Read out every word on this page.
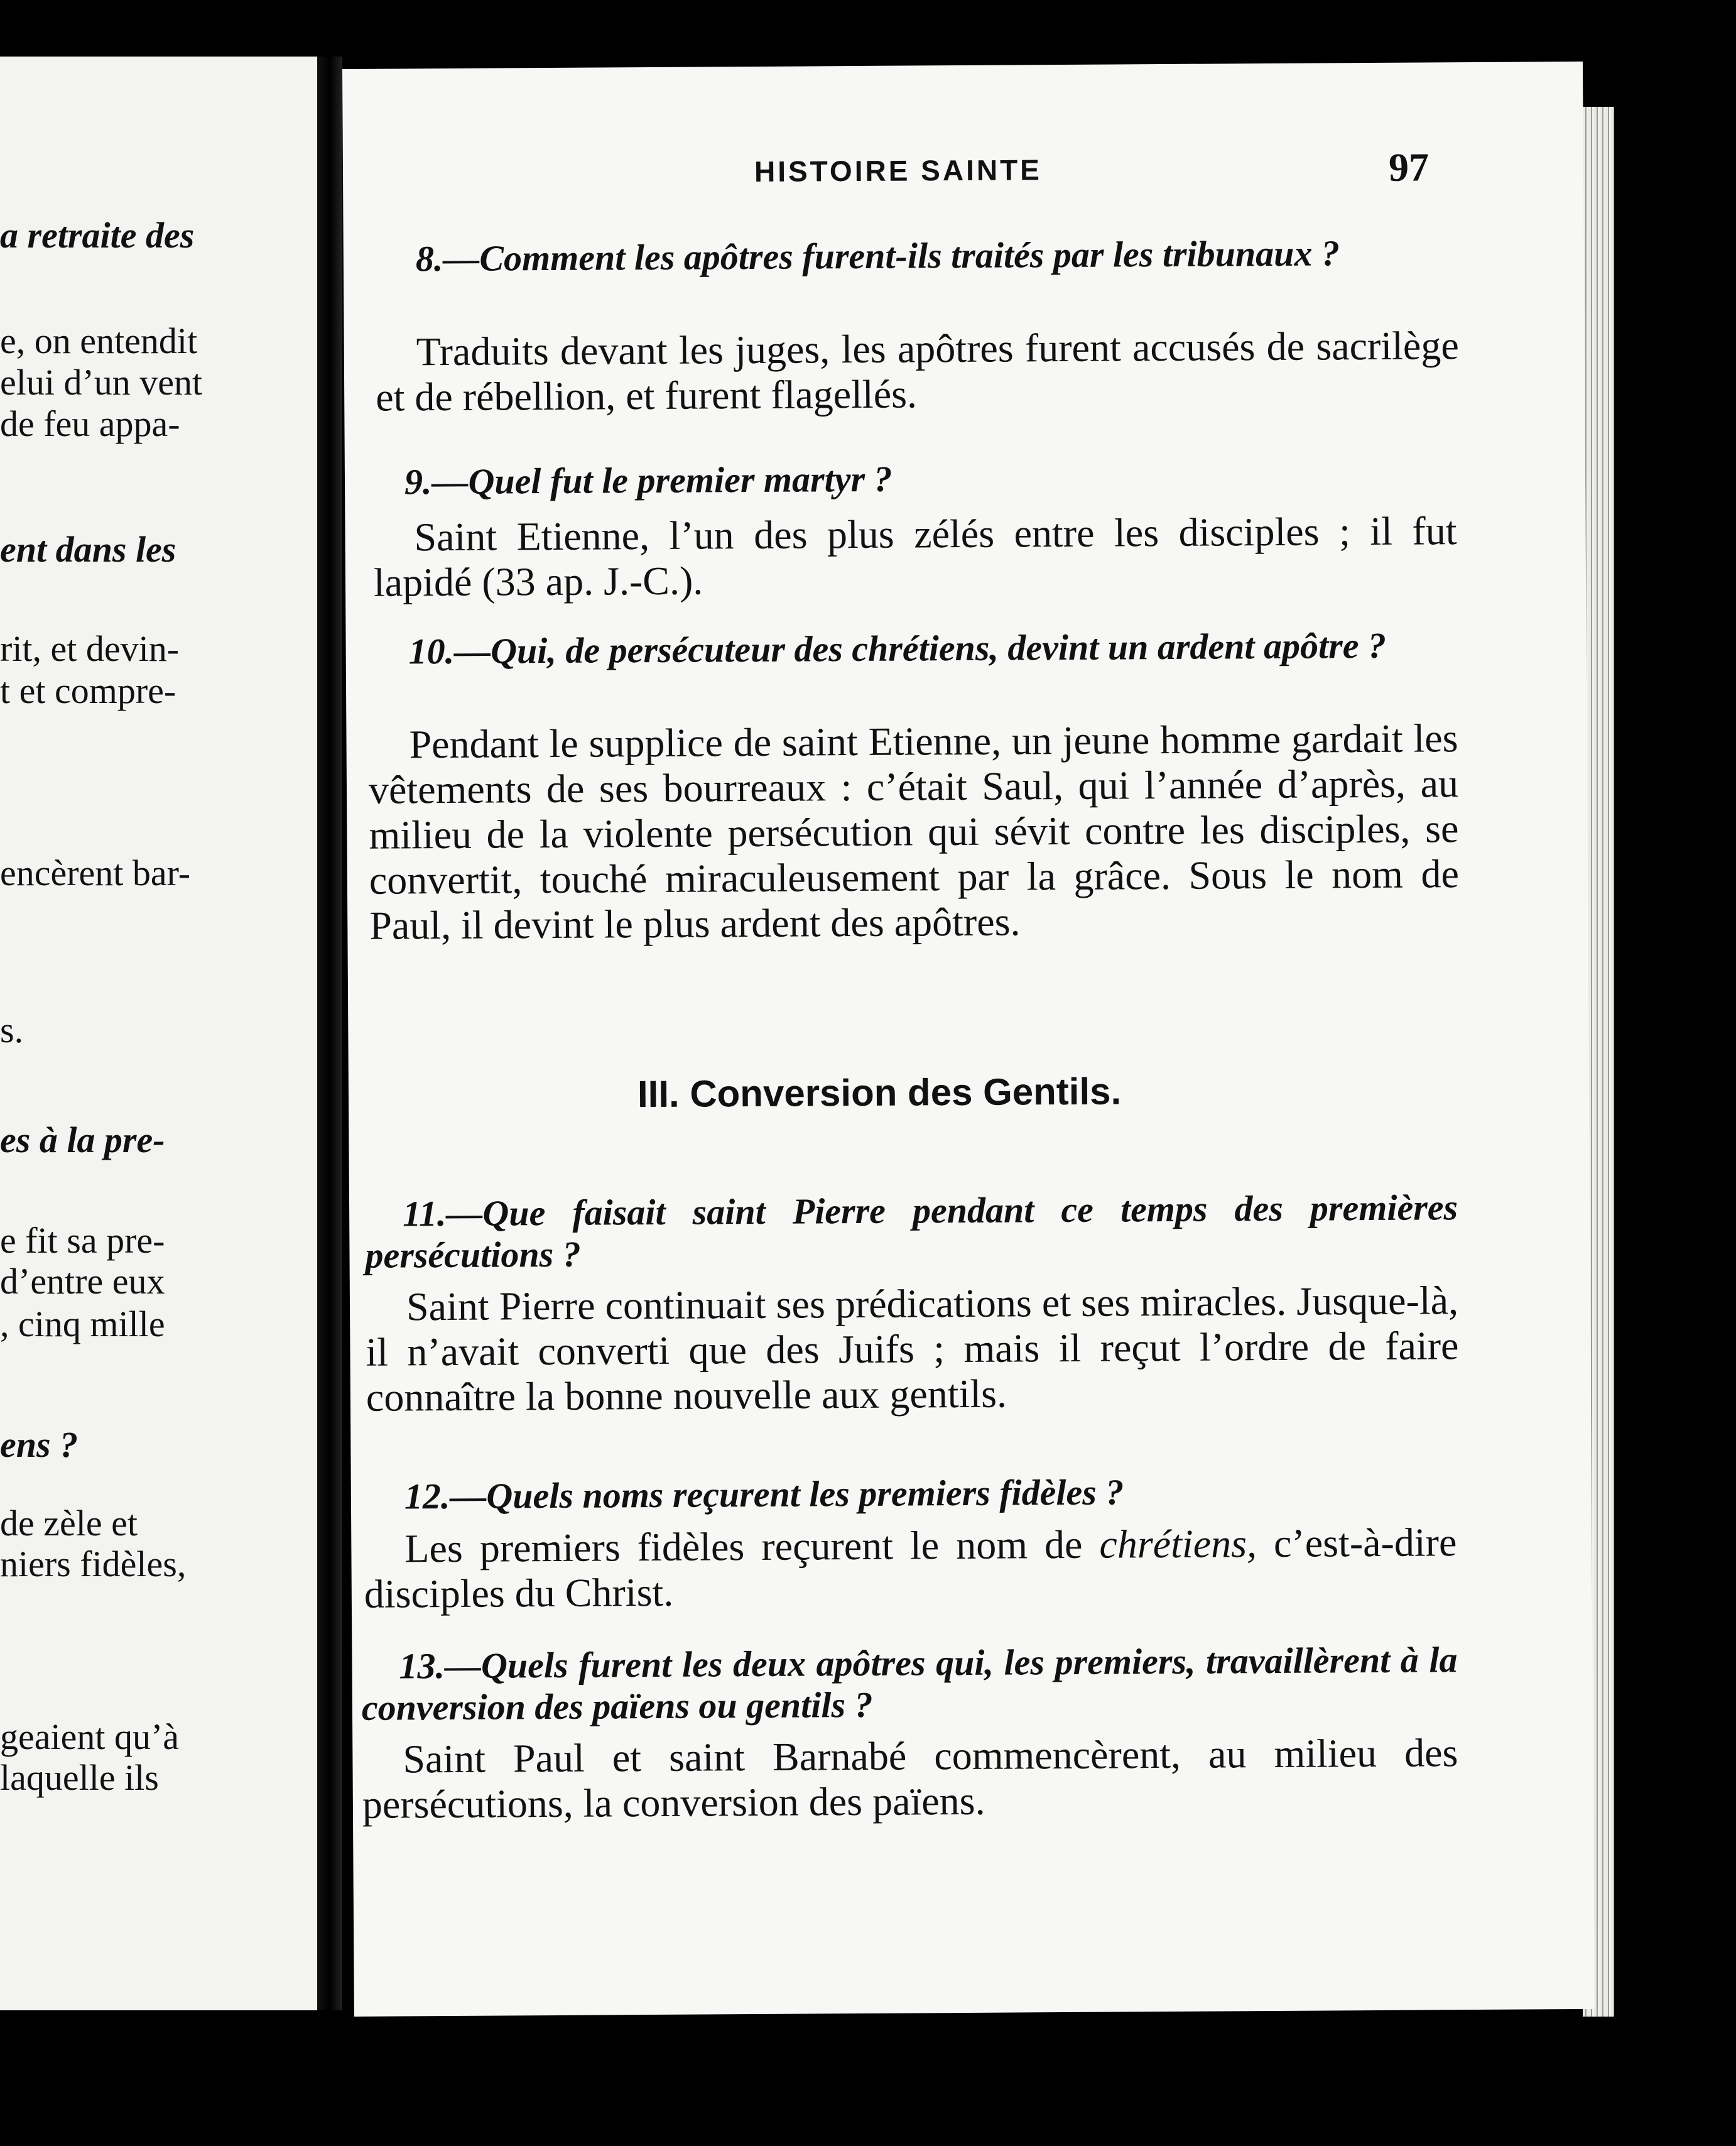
a retraite des
e, on entendit
elui d’un vent
de feu appa-
ent dans les
rit, et devin-
t et compre-
encèrent bar-
s.
es à la pre-
e fit sa pre-
d’entre eux
, cinq mille
ens ?
de zèle et
niers fidèles,
geaient qu’à
laquelle ils
HISTOIRE SAINTE	97
8.—Comment les apôtres furent-ils traités par les tribunaux ?
Traduits devant les juges, les apôtres furent accusés de sacrilège et de rébellion, et furent flagellés.
9.—Quel fut le premier martyr ?
Saint Etienne, l’un des plus zélés entre les disciples ; il fut lapidé (33 ap. J.-C.).
10.—Qui, de persécuteur des chrétiens, devint un ardent apôtre ?
Pendant le supplice de saint Etienne, un jeune homme gardait les vêtements de ses bourreaux : c’était Saul, qui l’année d’après, au milieu de la violente persécution qui sévit contre les disciples, se convertit, touché miraculeusement par la grâce. Sous le nom de Paul, il devint le plus ardent des apôtres.
III. Conversion des Gentils.
11.—Que faisait saint Pierre pendant ce temps des premières persécutions ?
Saint Pierre continuait ses prédications et ses miracles. Jusque-là, il n’avait converti que des Juifs ; mais il reçut l’ordre de faire connaître la bonne nouvelle aux gentils.
12.—Quels noms reçurent les premiers fidèles ?
Les premiers fidèles reçurent le nom de chrétiens, c’est-à-dire disciples du Christ.
13.—Quels furent les deux apôtres qui, les premiers, travaillèrent à la conversion des païens ou gentils ?
Saint Paul et saint Barnabé commencèrent, au milieu des persécutions, la conversion des païens.
